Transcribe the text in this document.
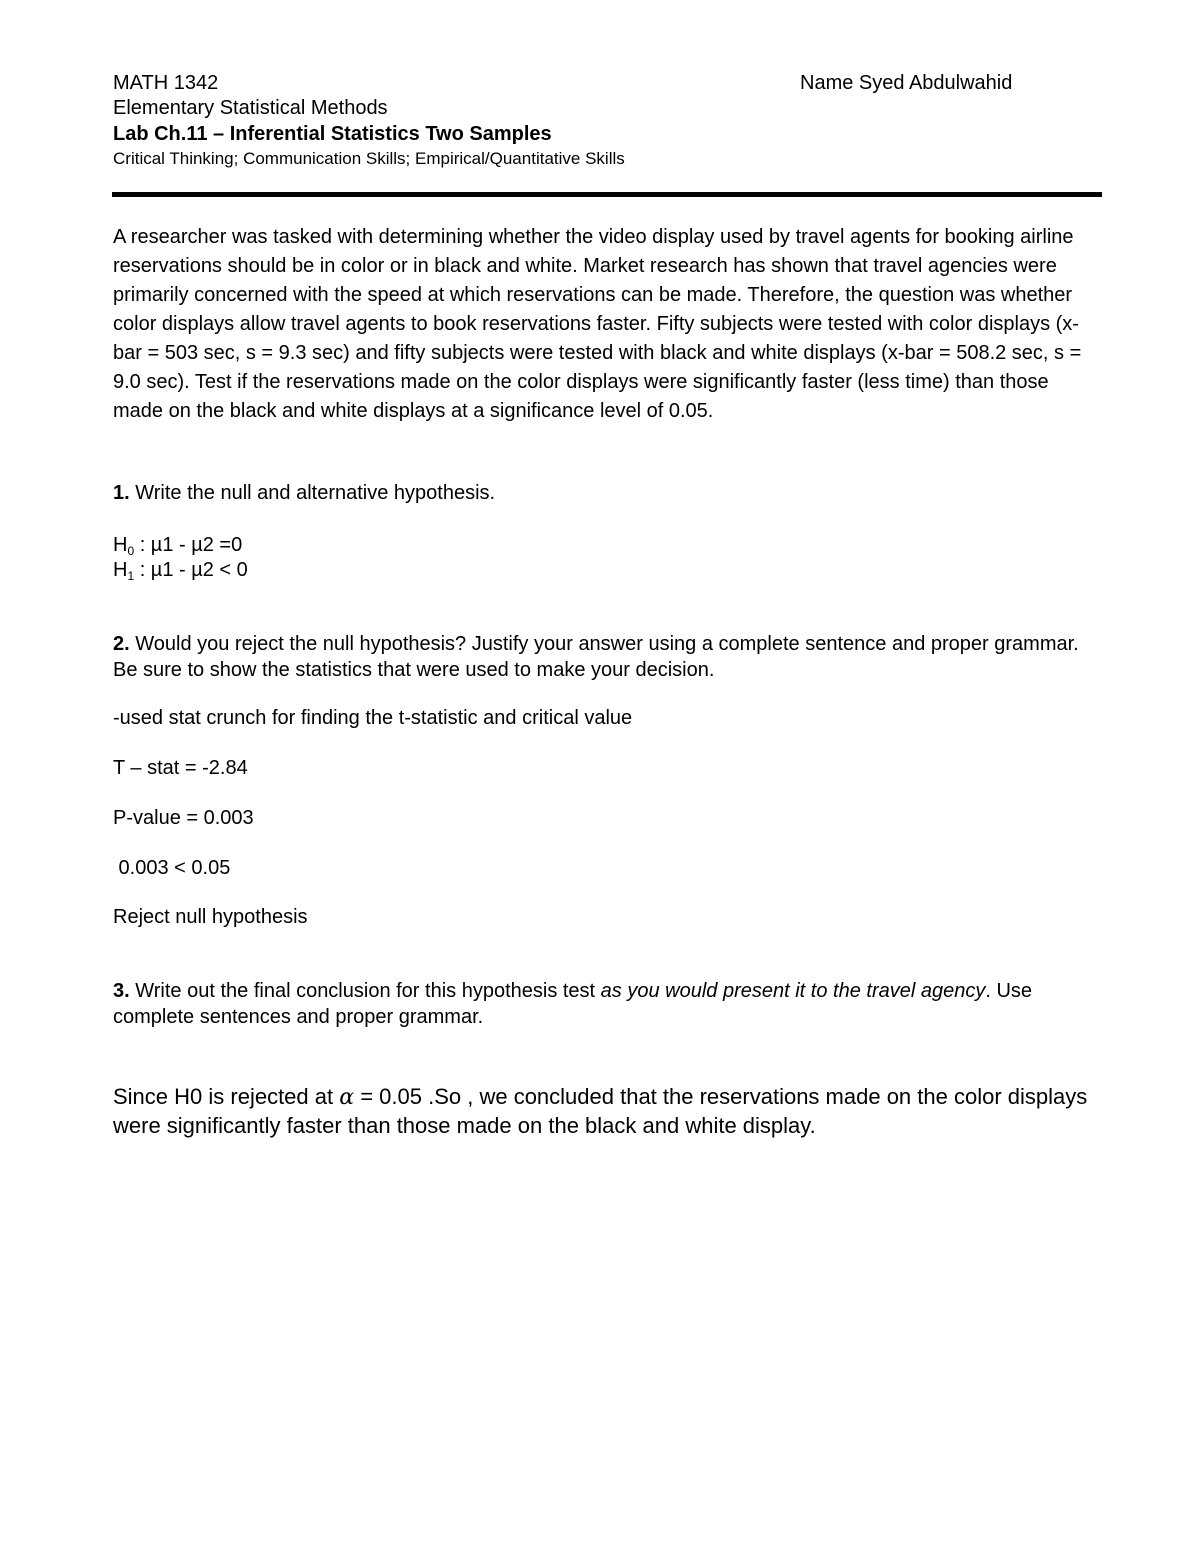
MATH 1342	Name Syed Abdulwahid
Elementary Statistical Methods
Lab Ch.11 – Inferential Statistics Two Samples
Critical Thinking; Communication Skills; Empirical/Quantitative Skills

A researcher was tasked with determining whether the video display used by travel agents for booking airline reservations should be in color or in black and white. Market research has shown that travel agencies were primarily concerned with the speed at which reservations can be made. Therefore, the question was whether color displays allow travel agents to book reservations faster. Fifty subjects were tested with color displays (x-bar = 503 sec, s = 9.3 sec) and fifty subjects were tested with black and white displays (x-bar = 508.2 sec, s = 9.0 sec). Test if the reservations made on the color displays were significantly faster (less time) than those made on the black and white displays at a significance level of 0.05.

1. Write the null and alternative hypothesis.

$H_0$ : µ1 - µ2 =0
$H_1$ : µ1 - µ2 < 0

2. Would you reject the null hypothesis? Justify your answer using a complete sentence and proper grammar. Be sure to show the statistics that were used to make your decision.

-used stat crunch for finding the t-statistic and critical value
T – stat = -2.84
P-value = 0.003
0.003 < 0.05
Reject null hypothesis

3. Write out the final conclusion for this hypothesis test as you would present it to the travel agency. Use complete sentences and proper grammar.

Since H0 is rejected at α = 0.05 .So , we concluded that the reservations made on the color displays were significantly faster than those made on the black and white display.
